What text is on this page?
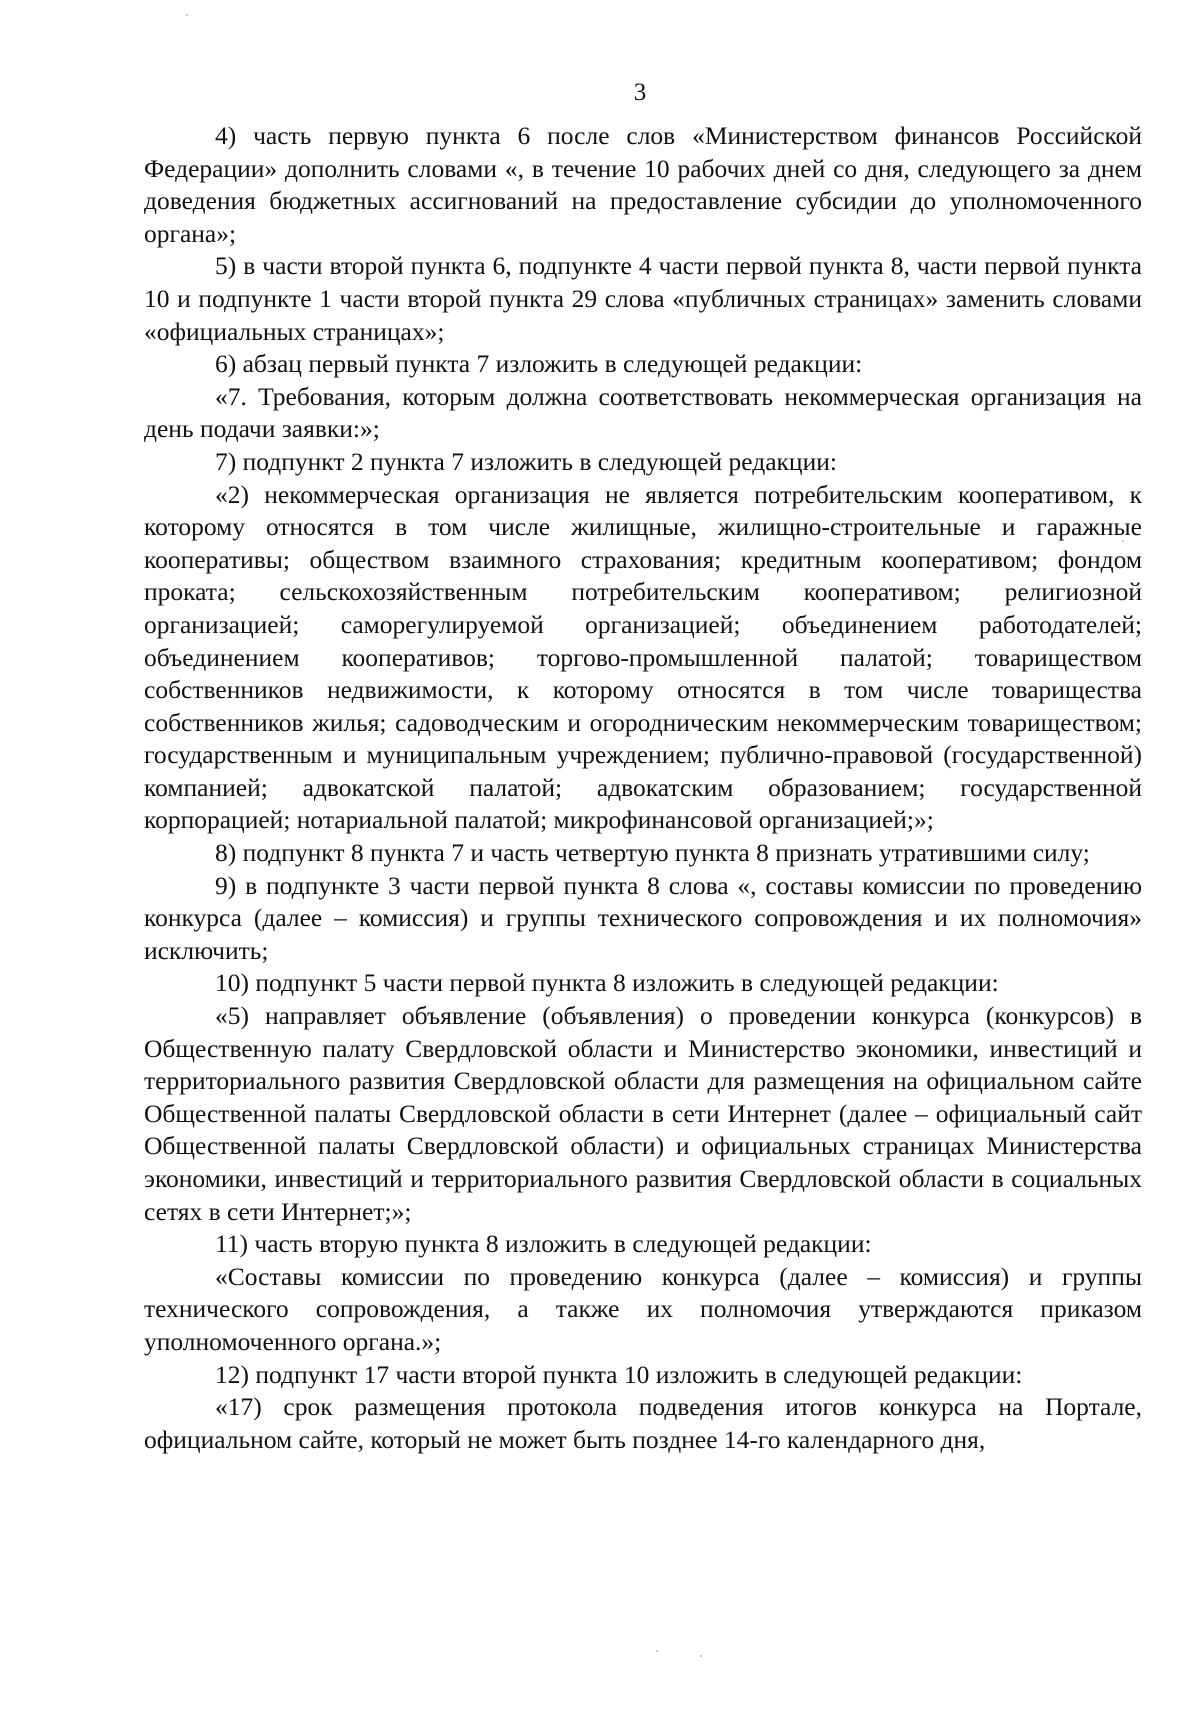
3

4) часть первую пункта 6 после слов «Министерством финансов Российской Федерации» дополнить словами «, в течение 10 рабочих дней со дня, следующего за днем доведения бюджетных ассигнований на предоставление субсидии до уполномоченного органа»;

5) в части второй пункта 6, подпункте 4 части первой пункта 8, части первой пункта 10 и подпункте 1 части второй пункта 29 слова «публичных страницах» заменить словами «официальных страницах»;

6) абзац первый пункта 7 изложить в следующей редакции:

«7. Требования, которым должна соответствовать некоммерческая организация на день подачи заявки:»;

7) подпункт 2 пункта 7 изложить в следующей редакции:

«2) некоммерческая организация не является потребительским кооперативом, к которому относятся в том числе жилищные, жилищно-строительные и гаражные кооперативы; обществом взаимного страхования; кредитным кооперативом; фондом проката; сельскохозяйственным потребительским кооперативом; религиозной организацией; саморегулируемой организацией; объединением работодателей; объединением кооперативов; торгово-промышленной палатой; товариществом собственников недвижимости, к которому относятся в том числе товарищества собственников жилья; садоводческим и огородническим некоммерческим товариществом; государственным и муниципальным учреждением; публично-правовой (государственной) компанией; адвокатской палатой; адвокатским образованием; государственной корпорацией; нотариальной палатой; микрофинансовой организацией;»;

8) подпункт 8 пункта 7 и часть четвертую пункта 8 признать утратившими силу;

9) в подпункте 3 части первой пункта 8 слова «, составы комиссии по проведению конкурса (далее – комиссия) и группы технического сопровождения и их полномочия» исключить;

10) подпункт 5 части первой пункта 8 изложить в следующей редакции:

«5) направляет объявление (объявления) о проведении конкурса (конкурсов) в Общественную палату Свердловской области и Министерство экономики, инвестиций и территориального развития Свердловской области для размещения на официальном сайте Общественной палаты Свердловской области в сети Интернет (далее – официальный сайт Общественной палаты Свердловской области) и официальных страницах Министерства экономики, инвестиций и территориального развития Свердловской области в социальных сетях в сети Интернет;»;

11) часть вторую пункта 8 изложить в следующей редакции:

«Составы комиссии по проведению конкурса (далее – комиссия) и группы технического сопровождения, а также их полномочия утверждаются приказом уполномоченного органа.»;

12) подпункт 17 части второй пункта 10 изложить в следующей редакции:

«17) срок размещения протокола подведения итогов конкурса на Портале, официальном сайте, который не может быть позднее 14-го календарного дня,
